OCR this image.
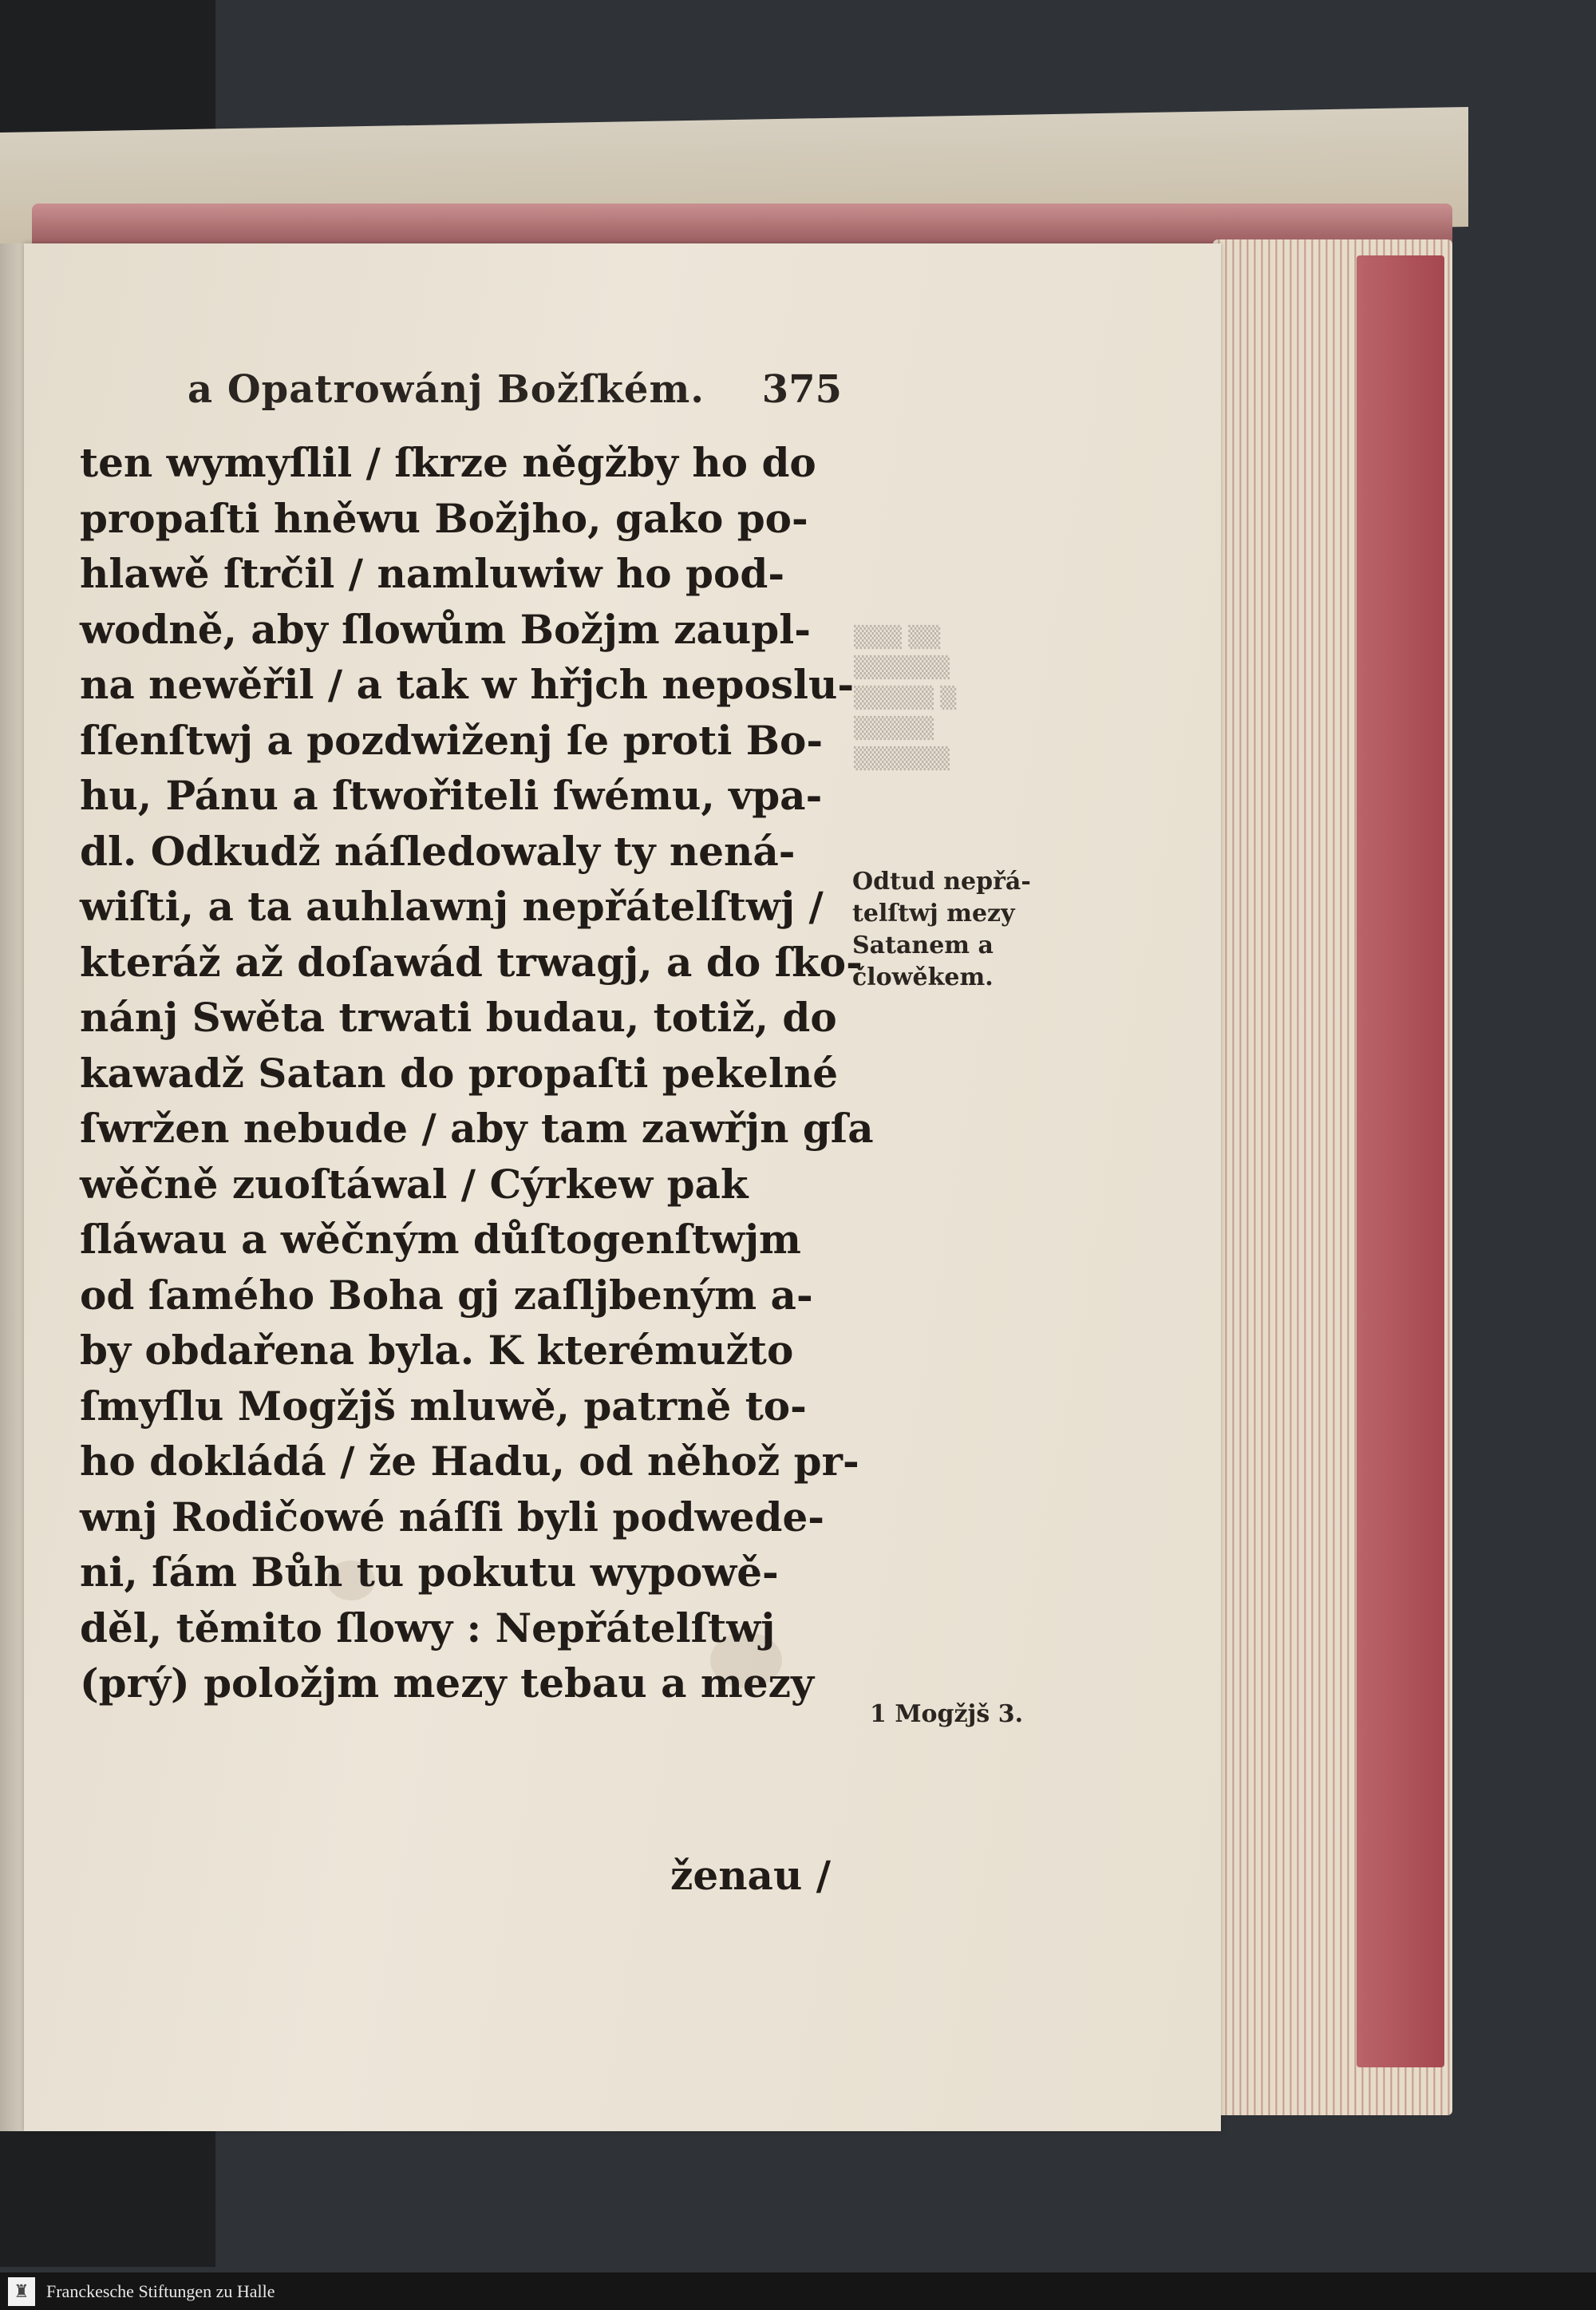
a Opatrowánj Božſkém. 375
ten wymyſlil / ſkrze něgžby ho do
propaſti hněwu Božjho, gako po-
hlawě ſtrčil / namluwiw ho pod-
wodně, aby ſlowům Božjm zaupl-
na newěřil / a tak w hřjch neposlu-
ſſenſtwj a pozdwiženj ſe proti Bo-
hu, Pánu a ſtwořiteli ſwému, vpa-
dl. Odkudž náſledowaly ty nená-
wiſti, a ta auhlawnj nepřátelſtwj /
kteráž až doſawád trwagj, a do ſko-
nánj Swěta trwati budau, totiž, do
kawadž Satan do propaſti pekelné
ſwržen nebude / aby tam zawřjn gſa
wěčně zuoſtáwal / Cýrkew pak
ſláwau a wěčným důſtogenſtwjm
od ſamého Boha gj zaſljbeným a-
by obdařena byla. K kterémužto
ſmyſlu Mogžjš mluwě, patrně to-
ho dokládá / že Hadu, od něhož pr-
wnj Rodičowé náſſi byli podwede-
ni, ſám Bůh tu pokutu wypowě-
děl, těmito ſlowy : Nepřátelſtwj
(prý) položjm mezy tebau a mezy
ženau /
▒▒▒ ▒▒
▒▒▒▒▒▒
▒▒▒▒▒ ▒
▒▒▒▒▒
▒▒▒▒▒▒
Odtud nepřá-
telſtwj mezy
Satanem a
člowěkem.
1 Mogžjš 3.
♜ Franckesche Stiftungen zu Halle
